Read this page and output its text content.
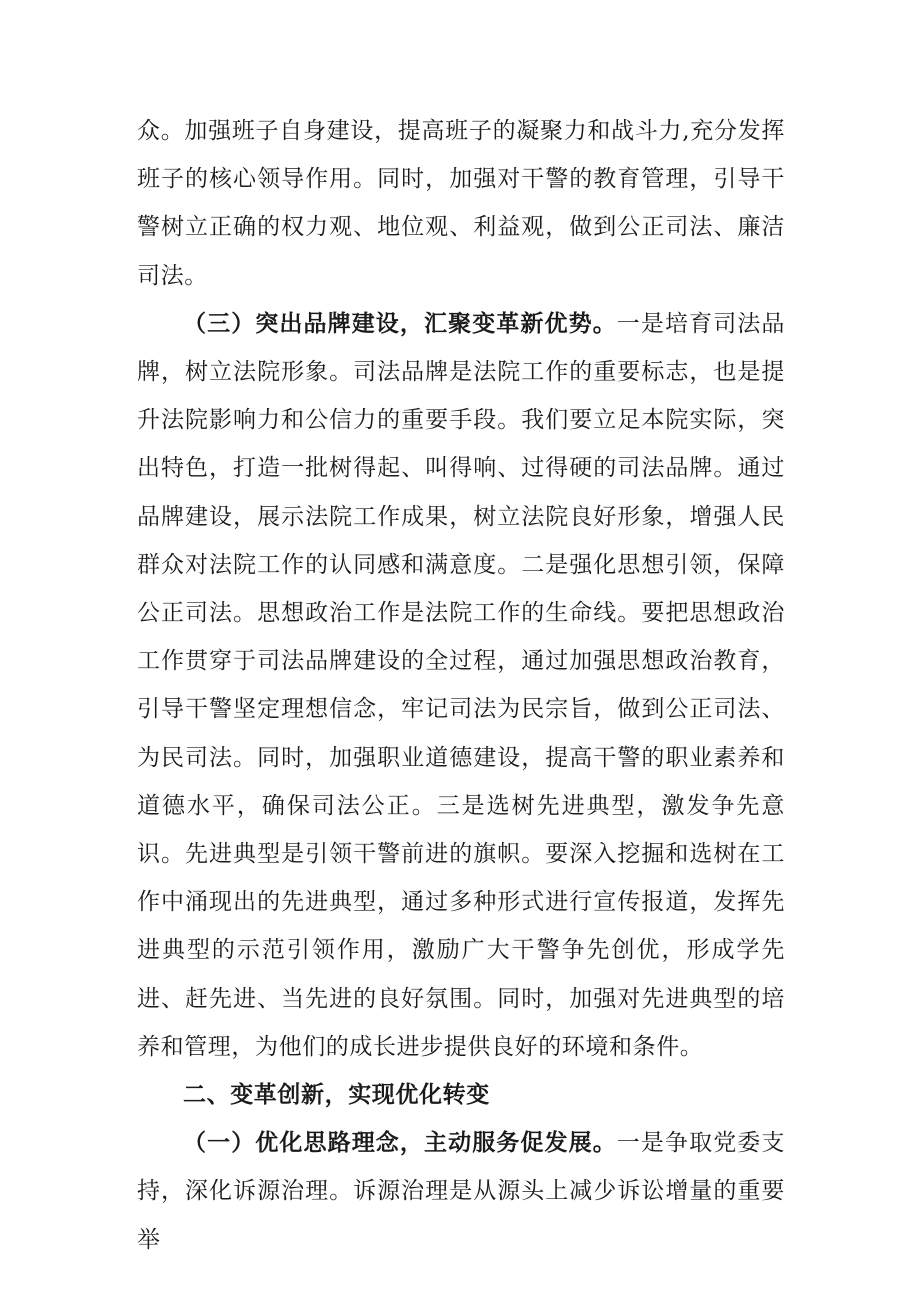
众。加强班子自身建设，提高班子的凝聚力和战斗力,充分发挥班子的核心领导作用。同时，加强对干警的教育管理，引导干警树立正确的权力观、地位观、利益观，做到公正司法、廉洁司法。

（三）突出品牌建设，汇聚变革新优势。一是培育司法品牌，树立法院形象。司法品牌是法院工作的重要标志，也是提升法院影响力和公信力的重要手段。我们要立足本院实际，突出特色，打造一批树得起、叫得响、过得硬的司法品牌。通过品牌建设，展示法院工作成果，树立法院良好形象，增强人民群众对法院工作的认同感和满意度。二是强化思想引领，保障公正司法。思想政治工作是法院工作的生命线。要把思想政治工作贯穿于司法品牌建设的全过程，通过加强思想政治教育，引导干警坚定理想信念，牢记司法为民宗旨，做到公正司法、为民司法。同时，加强职业道德建设，提高干警的职业素养和道德水平，确保司法公正。三是选树先进典型，激发争先意识。先进典型是引领干警前进的旗帜。要深入挖掘和选树在工作中涌现出的先进典型，通过多种形式进行宣传报道，发挥先进典型的示范引领作用，激励广大干警争先创优，形成学先进、赶先进、当先进的良好氛围。同时，加强对先进典型的培养和管理，为他们的成长进步提供良好的环境和条件。

二、变革创新，实现优化转变

（一）优化思路理念，主动服务促发展。一是争取党委支持，深化诉源治理。诉源治理是从源头上减少诉讼增量的重要举
